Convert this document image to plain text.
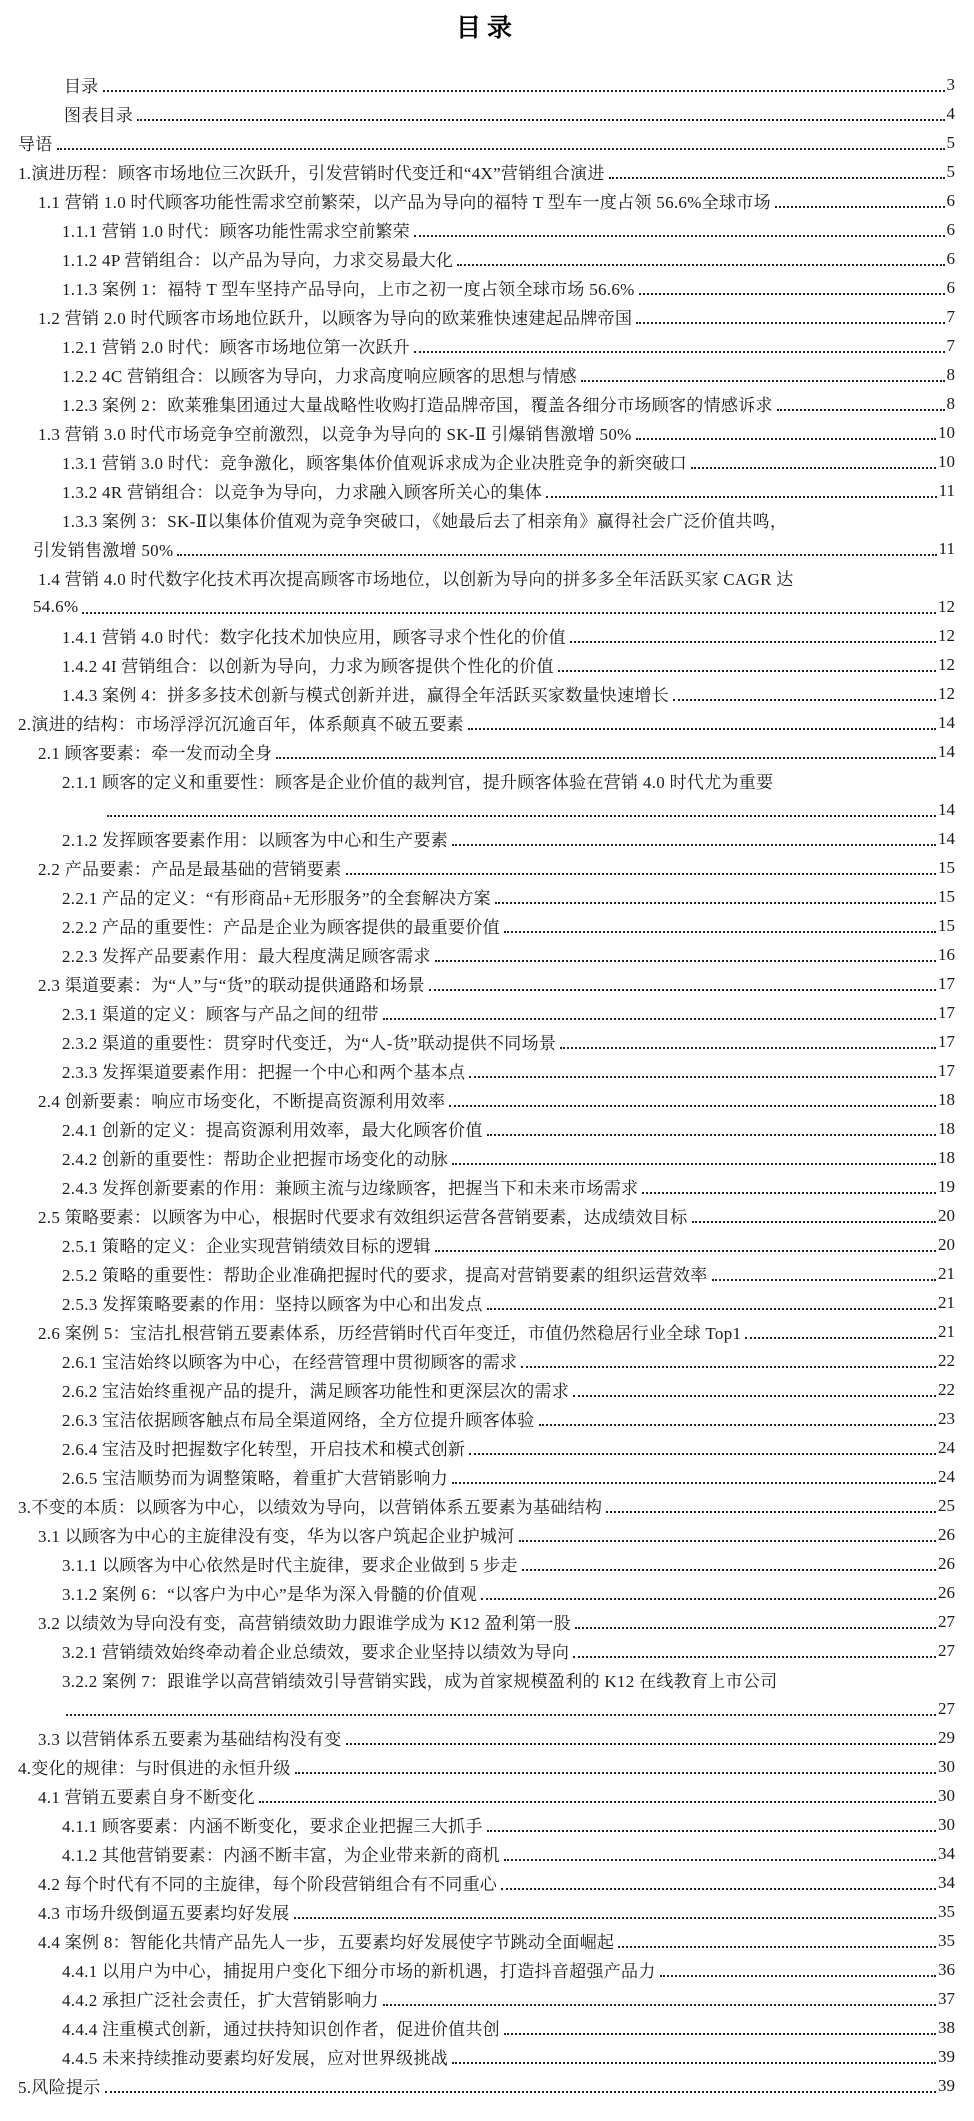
目录
目录	3
图表目录	4
导语	5
1.演进历程：顾客市场地位三次跃升，引发营销时代变迁和“4X”营销组合演进	5
1.1 营销 1.0 时代顾客功能性需求空前繁荣，以产品为导向的福特 T 型车一度占领 56.6%全球市场	6
1.1.1 营销 1.0 时代：顾客功能性需求空前繁荣	6
1.1.2 4P 营销组合：以产品为导向，力求交易最大化	6
1.1.3 案例 1：福特 T 型车坚持产品导向，上市之初一度占领全球市场 56.6%	6
1.2 营销 2.0 时代顾客市场地位跃升，以顾客为导向的欧莱雅快速建起品牌帝国	7
1.2.1 营销 2.0 时代：顾客市场地位第一次跃升	7
1.2.2 4C 营销组合：以顾客为导向，力求高度响应顾客的思想与情感	8
1.2.3 案例 2：欧莱雅集团通过大量战略性收购打造品牌帝国，覆盖各细分市场顾客的情感诉求	8
1.3 营销 3.0 时代市场竞争空前激烈，以竞争为导向的 SK-Ⅱ 引爆销售激增 50%	10
1.3.1 营销 3.0 时代：竞争激化，顾客集体价值观诉求成为企业决胜竞争的新突破口	10
1.3.2 4R 营销组合：以竞争为导向，力求融入顾客所关心的集体	11
1.3.3 案例 3：SK-Ⅱ以集体价值观为竞争突破口，《她最后去了相亲角》赢得社会广泛价值共鸣，
引发销售激增 50%	11
1.4 营销 4.0 时代数字化技术再次提高顾客市场地位，以创新为导向的拼多多全年活跃买家 CAGR 达
54.6%	12
1.4.1 营销 4.0 时代：数字化技术加快应用，顾客寻求个性化的价值	12
1.4.2 4I 营销组合：以创新为导向，力求为顾客提供个性化的价值	12
1.4.3 案例 4：拼多多技术创新与模式创新并进，赢得全年活跃买家数量快速增长	12
2.演进的结构：市场浮浮沉沉逾百年，体系颠真不破五要素	14
2.1 顾客要素：牵一发而动全身	14
2.1.1 顾客的定义和重要性：顾客是企业价值的裁判官，提升顾客体验在营销 4.0 时代尤为重要
14
2.1.2 发挥顾客要素作用：以顾客为中心和生产要素	14
2.2 产品要素：产品是最基础的营销要素	15
2.2.1 产品的定义：“有形商品+无形服务”的全套解决方案	15
2.2.2 产品的重要性：产品是企业为顾客提供的最重要价值	15
2.2.3 发挥产品要素作用：最大程度满足顾客需求	16
2.3 渠道要素：为“人”与“货”的联动提供通路和场景	17
2.3.1 渠道的定义：顾客与产品之间的纽带	17
2.3.2 渠道的重要性：贯穿时代变迁，为“人-货”联动提供不同场景	17
2.3.3 发挥渠道要素作用：把握一个中心和两个基本点	17
2.4 创新要素：响应市场变化，不断提高资源利用效率	18
2.4.1 创新的定义：提高资源利用效率，最大化顾客价值	18
2.4.2 创新的重要性：帮助企业把握市场变化的动脉	18
2.4.3 发挥创新要素的作用：兼顾主流与边缘顾客，把握当下和未来市场需求	19
2.5 策略要素：以顾客为中心，根据时代要求有效组织运营各营销要素，达成绩效目标	20
2.5.1 策略的定义：企业实现营销绩效目标的逻辑	20
2.5.2 策略的重要性：帮助企业准确把握时代的要求，提高对营销要素的组织运营效率	21
2.5.3 发挥策略要素的作用：坚持以顾客为中心和出发点	21
2.6 案例 5：宝洁扎根营销五要素体系，历经营销时代百年变迁，市值仍然稳居行业全球 Top1	21
2.6.1 宝洁始终以顾客为中心，在经营管理中贯彻顾客的需求	22
2.6.2 宝洁始终重视产品的提升，满足顾客功能性和更深层次的需求	22
2.6.3 宝洁依据顾客触点布局全渠道网络，全方位提升顾客体验	23
2.6.4 宝洁及时把握数字化转型，开启技术和模式创新	24
2.6.5 宝洁顺势而为调整策略，着重扩大营销影响力	24
3.不变的本质：以顾客为中心，以绩效为导向，以营销体系五要素为基础结构	25
3.1 以顾客为中心的主旋律没有变，华为以客户筑起企业护城河	26
3.1.1 以顾客为中心依然是时代主旋律，要求企业做到 5 步走	26
3.1.2 案例 6：“以客户为中心”是华为深入骨髓的价值观	26
3.2 以绩效为导向没有变，高营销绩效助力跟谁学成为 K12 盈利第一股	27
3.2.1 营销绩效始终牵动着企业总绩效，要求企业坚持以绩效为导向	27
3.2.2 案例 7：跟谁学以高营销绩效引导营销实践，成为首家规模盈利的 K12 在线教育上市公司
27
3.3 以营销体系五要素为基础结构没有变	29
4.变化的规律：与时俱进的永恒升级	30
4.1 营销五要素自身不断变化	30
4.1.1 顾客要素：内涵不断变化，要求企业把握三大抓手	30
4.1.2 其他营销要素：内涵不断丰富，为企业带来新的商机	34
4.2 每个时代有不同的主旋律，每个阶段营销组合有不同重心	34
4.3 市场升级倒逼五要素均好发展	35
4.4 案例 8：智能化共情产品先人一步，五要素均好发展使字节跳动全面崛起	35
4.4.1 以用户为中心，捕捉用户变化下细分市场的新机遇，打造抖音超强产品力	36
4.4.2 承担广泛社会责任，扩大营销影响力	37
4.4.4 注重模式创新，通过扶持知识创作者，促进价值共创	38
4.4.5 未来持续推动要素均好发展，应对世界级挑战	39
5.风险提示	39
